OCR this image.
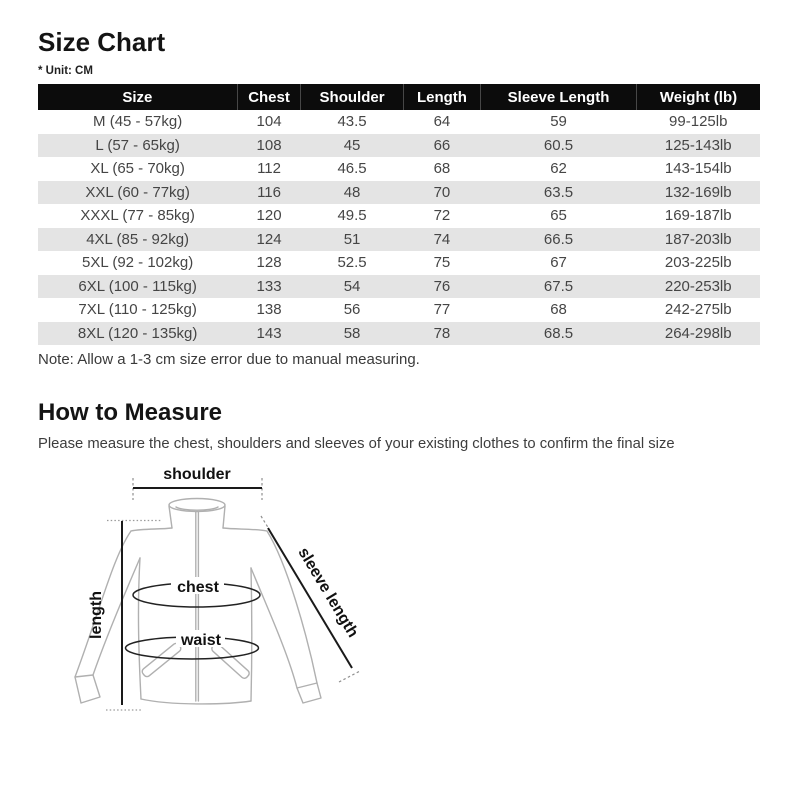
Size Chart
* Unit: CM
Size	Chest	Shoulder	Length	Sleeve Length	Weight (lb)
M (45 - 57kg)	104	43.5	64	59	99-125lb
L (57 - 65kg)	108	45	66	60.5	125-143lb
XL (65 - 70kg)	112	46.5	68	62	143-154lb
XXL (60 - 77kg)	116	48	70	63.5	132-169lb
XXXL (77 - 85kg)	120	49.5	72	65	169-187lb
4XL (85 - 92kg)	124	51	74	66.5	187-203lb
5XL (92 - 102kg)	128	52.5	75	67	203-225lb
6XL (100 - 115kg)	133	54	76	67.5	220-253lb
7XL (110 - 125kg)	138	56	77	68	242-275lb
8XL (120 - 135kg)	143	58	78	68.5	264-298lb
Note: Allow a 1-3 cm size error due to manual measuring.
How to Measure
Please measure the chest, shoulders and sleeves of your existing clothes to confirm the final size
shoulder
length
chest
waist	sleeve length
